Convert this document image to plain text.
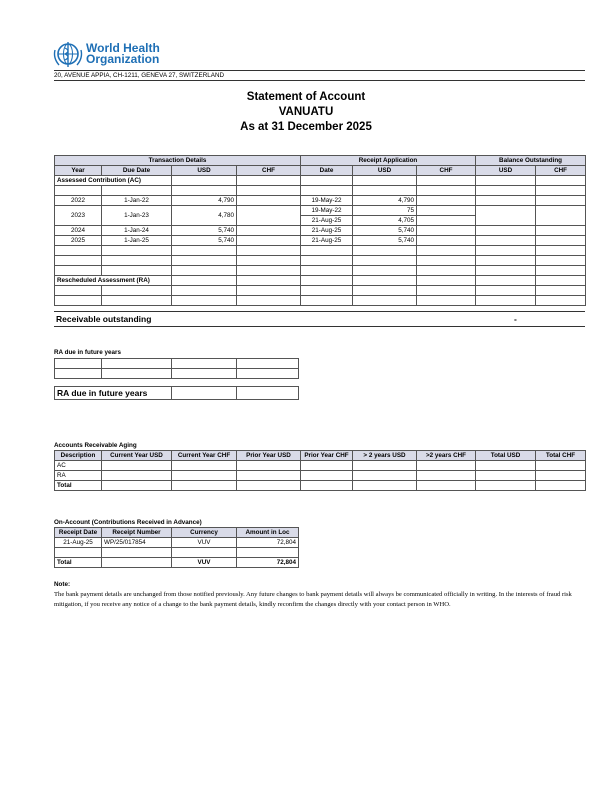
World Health
Organization
20, AVENUE APPIA, CH-1211, GENEVA 27, SWITZERLAND
Statement of Account
VANUATU
As at 31 December 2025
Transaction Details				Receipt Application			Balance Outstanding	
Year	Due Date	USD	CHF	Date	USD	CHF	USD	CHF
Assessed Contribution (AC)								

2022	1-Jan-22	4,790		19-May-22	4,790			
2023	1-Jan-23	4,780		19-May-22	75			
				21-Aug-25	4,705			
2024	1-Jan-24	5,740		21-Aug-25	5,740			
2025	1-Jan-25	5,740		21-Aug-25	5,740			

Rescheduled Assessment (RA)								

Receivable outstanding	-
RA due in future years

RA due in future years		
Accounts Receivable Aging
Description	Current Year USD	Current Year CHF	Prior Year USD	Prior Year CHF	> 2 years USD	>2 years CHF	Total USD	Total CHF
AC								
RA								
Total								
On-Account (Contributions Received in Advance)
Receipt Date	Receipt Number	Currency	Amount in Loc
21-Aug-25	WP/25/017854	VUV	72,804

Total		VUV	72,804
Note:
The bank payment details are unchanged from those notified previously. Any future changes to bank payment details will always be communicated officially in writing. In the interests of fraud risk mitigation, if you receive any notice of a change to the bank payment details, kindly reconfirm the changes directly with your contact person in WHO.
